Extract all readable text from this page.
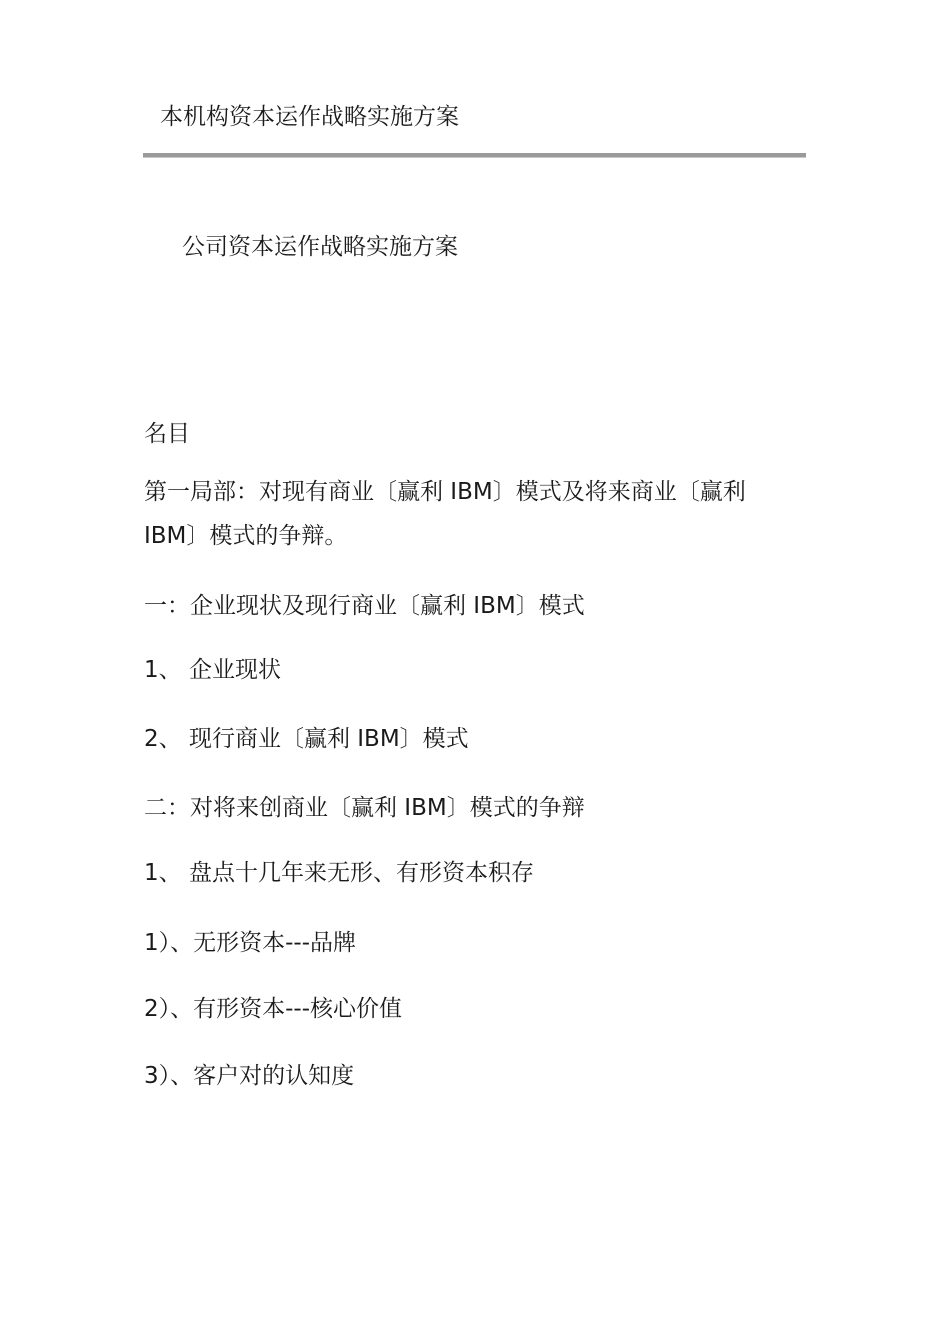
本机构资本运作战略实施方案

公司资本运作战略实施方案

名目

第一局部：对现有商业〔赢利 IBM〕模式及将来商业〔赢利 IBM〕模式的争辩。

一：企业现状及现行商业〔赢利 IBM〕模式

1、 企业现状

2、 现行商业〔赢利 IBM〕模式

二：对将来创商业〔赢利 IBM〕模式的争辩

1、 盘点十几年来无形、有形资本积存

1）、无形资本---品牌

2）、有形资本---核心价值

3）、客户对的认知度
